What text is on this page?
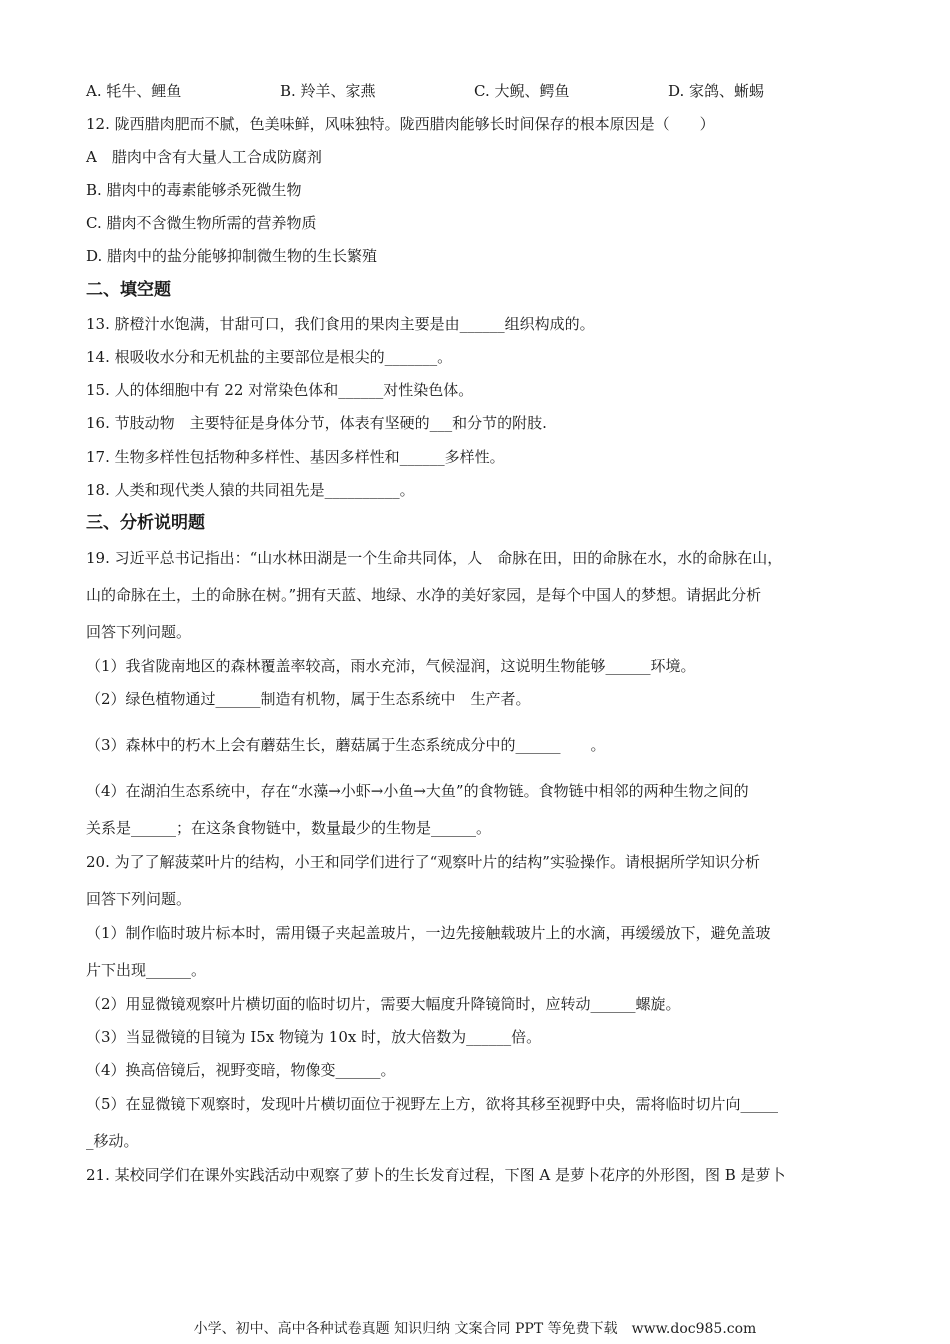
A. 牦牛、鲤鱼	B. 羚羊、家燕	C. 大鲵、鳄鱼	D. 家鸽、蜥蜴
12. 陇西腊肉肥而不腻，色美味鲜，风味独特。陇西腊肉能够长时间保存的根本原因是（　　）
A　腊肉中含有大量人工合成防腐剂
B. 腊肉中的毒素能够杀死微生物
C. 腊肉不含微生物所需的营养物质
D. 腊肉中的盐分能够抑制微生物的生长繁殖
二、填空题
13. 脐橙汁水饱满，甘甜可口，我们食用的果肉主要是由______组织构成的。
14. 根吸收水分和无机盐的主要部位是根尖的_______。
15. 人的体细胞中有 22 对常染色体和______对性染色体。
16. 节肢动物　主要特征是身体分节，体表有坚硬的___和分节的附肢.
17. 生物多样性包括物种多样性、基因多样性和______多样性。
18. 人类和现代类人猿的共同祖先是__________。
三、分析说明题
19. 习近平总书记指出：“山水林田湖是一个生命共同体，人　命脉在田，田的命脉在水，水的命脉在山，
山的命脉在土，土的命脉在树。”拥有天蓝、地绿、水净的美好家园，是每个中国人的梦想。请据此分析
回答下列问题。
（1）我省陇南地区的森林覆盖率较高，雨水充沛，气候湿润，这说明生物能够______环境。
（2）绿色植物通过______制造有机物，属于生态系统中　生产者。
（3）森林中的朽木上会有蘑菇生长，蘑菇属于生态系统成分中的______　　。
（4）在湖泊生态系统中，存在“水藻→小虾→小鱼→大鱼”的食物链。食物链中相邻的两种生物之间的
关系是______；在这条食物链中，数量最少的生物是______。
20. 为了了解菠菜叶片的结构，小王和同学们进行了“观察叶片的结构”实验操作。请根据所学知识分析
回答下列问题。
（1）制作临时玻片标本时，需用镊子夹起盖玻片，一边先接触载玻片上的水滴，再缓缓放下，避免盖玻
片下出现______。
（2）用显微镜观察叶片横切面的临时切片，需要大幅度升降镜筒时，应转动______螺旋。
（3）当显微镜的目镜为 I5x 物镜为 10x 时，放大倍数为______倍。
（4）换高倍镜后，视野变暗，物像变______。
（5）在显微镜下观察时，发现叶片横切面位于视野左上方，欲将其移至视野中央，需将临时切片向_____
_移动。
21. 某校同学们在课外实践活动中观察了萝卜的生长发育过程，下图 A 是萝卜花序的外形图，图 B 是萝卜
小学、初中、高中各种试卷真题 知识归纳 文案合同 PPT 等免费下载　www.doc985.com
